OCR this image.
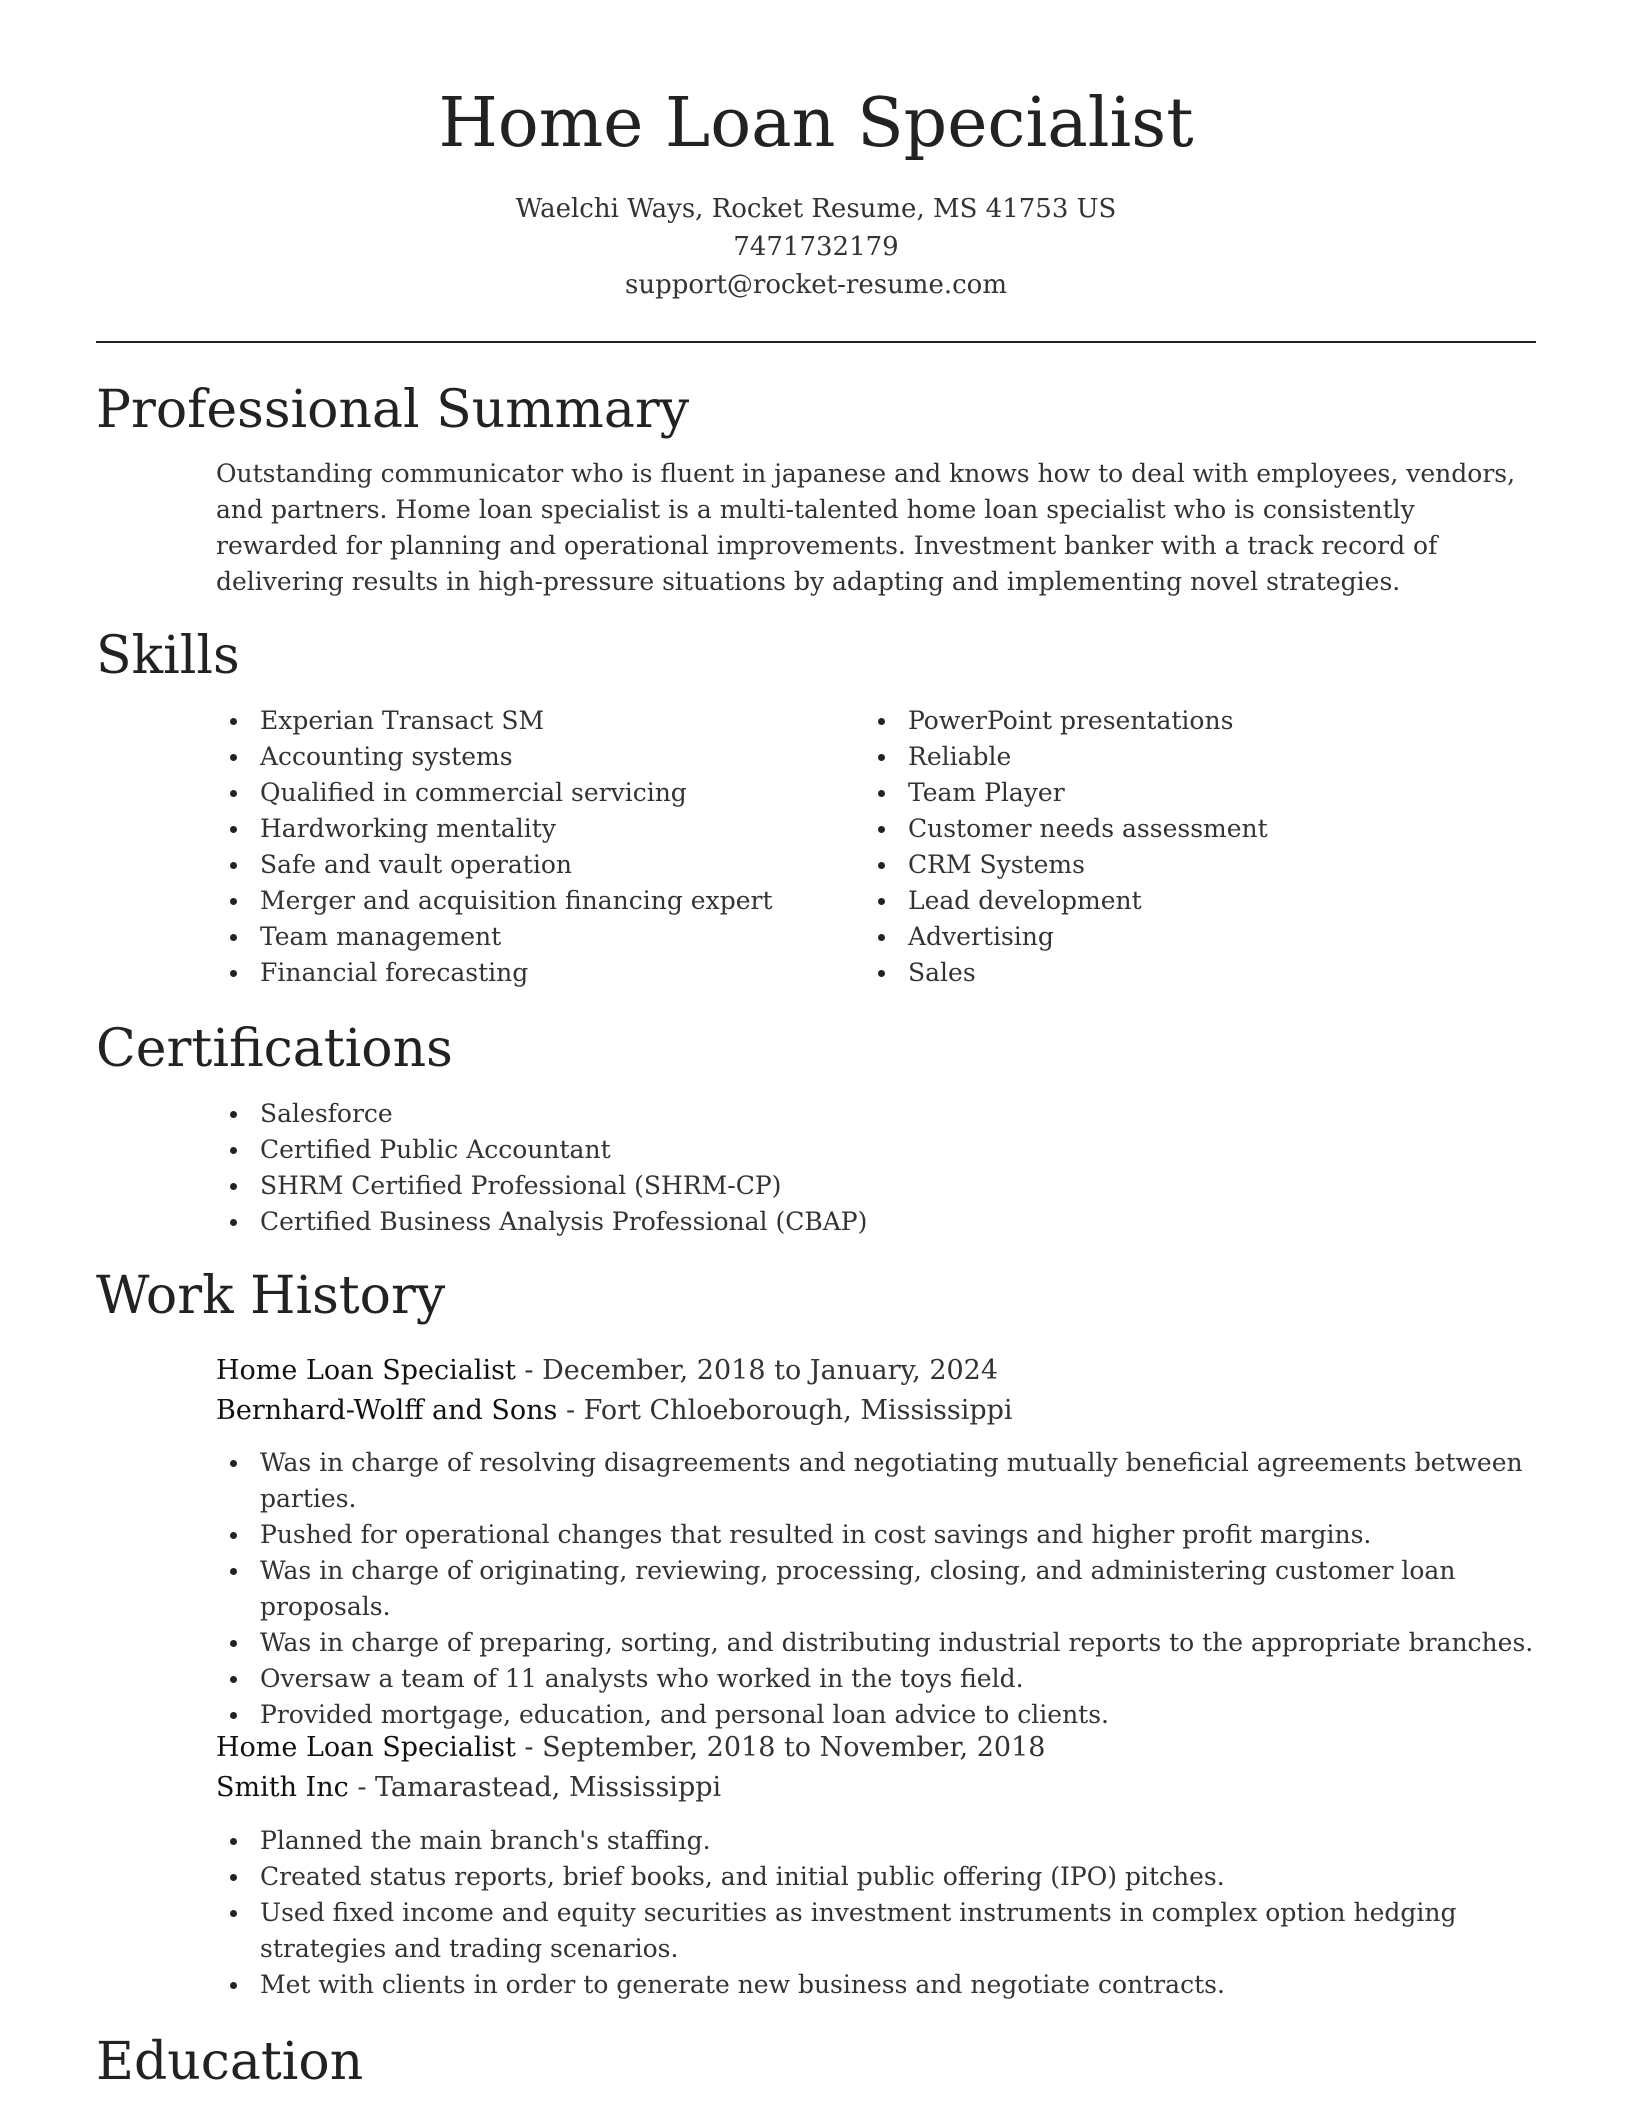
Home Loan Specialist
Waelchi Ways, Rocket Resume, MS 41753 US
7471732179
support@rocket-resume.com
Professional Summary

Outstanding communicator who is fluent in japanese and knows how to deal with employees, vendors, and partners. Home loan specialist is a multi-talented home loan specialist who is consistently rewarded for planning and operational improvements. Investment banker with a track record of delivering results in high-pressure situations by adapting and implementing novel strategies.

Skills
Experian Transact SM
Accounting systems
Qualified in commercial servicing
Hardworking mentality
Safe and vault operation
Merger and acquisition financing expert
Team management
Financial forecasting
PowerPoint presentations
Reliable
Team Player
Customer needs assessment
CRM Systems
Lead development
Advertising
Sales
Certifications
Salesforce
Certified Public Accountant
SHRM Certified Professional (SHRM-CP)
Certified Business Analysis Professional (CBAP)
Work History
Home Loan Specialist - December, 2018 to January, 2024
Bernhard-Wolff and Sons - Fort Chloeborough, Mississippi
Was in charge of resolving disagreements and negotiating mutually beneficial agreements between parties.
Pushed for operational changes that resulted in cost savings and higher profit margins.
Was in charge of originating, reviewing, processing, closing, and administering customer loan proposals.
Was in charge of preparing, sorting, and distributing industrial reports to the appropriate branches.
Oversaw a team of 11 analysts who worked in the toys field.
Provided mortgage, education, and personal loan advice to clients.
Home Loan Specialist - September, 2018 to November, 2018
Smith Inc - Tamarastead, Mississippi
Planned the main branch's staffing.
Created status reports, brief books, and initial public offering (IPO) pitches.
Used fixed income and equity securities as investment instruments in complex option hedging strategies and trading scenarios.
Met with clients in order to generate new business and negotiate contracts.
Education
